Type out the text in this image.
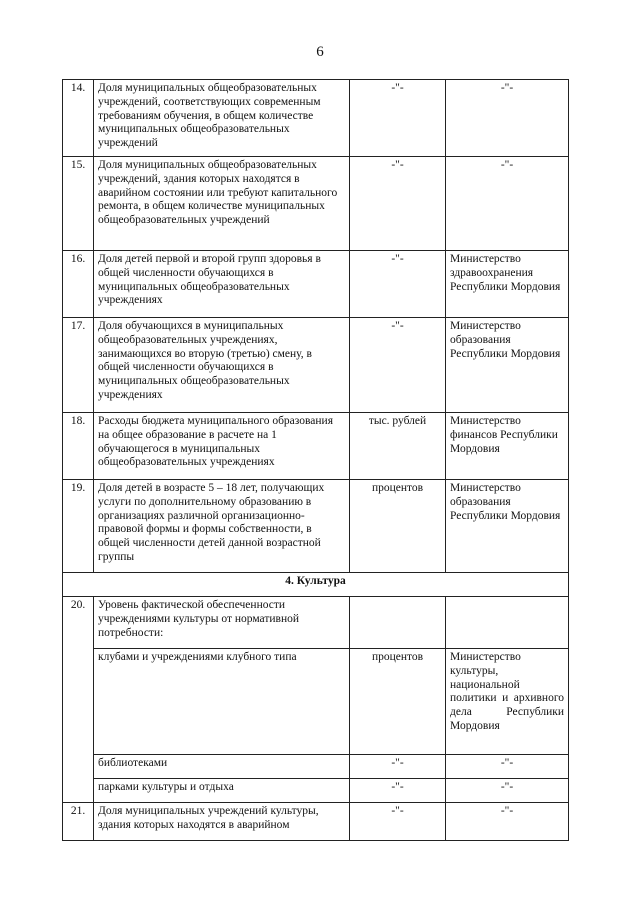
6
14.	Доля муниципальных общеобразовательных учреждений, соответствующих современным требованиям обучения, в общем количестве муниципальных общеобразовательных учреждений	-"-	-"-
15.	Доля муниципальных общеобразовательных учреждений, здания которых находятся в аварийном состоянии или требуют капитального ремонта, в общем количестве муниципальных общеобразовательных учреждений	-"-	-"-
16.	Доля детей первой и второй групп здоровья в общей численности обучающихся в муниципальных общеобразовательных учреждениях	-"-	Министерство здравоохранения Республики Мордовия
17.	Доля обучающихся в муниципальных общеобразовательных учреждениях, занимающихся во вторую (третью) смену, в общей численности обучающихся в муниципальных общеобразовательных учреждениях	-"-	Министерство образования Республики Мордовия
18.	Расходы бюджета муниципального образования на общее образование в расчете на 1 обучающегося в муниципальных общеобразовательных учреждениях	тыс. рублей	Министерство финансов Республики Мордовия
19.	Доля детей в возрасте 5 – 18 лет, получающих услуги по дополнительному образованию в организациях различной организационно-правовой формы и формы собственности, в общей численности детей данной возрастной группы	процентов	Министерство образования Республики Мордовия
4. Культура			
20.	Уровень фактической обеспеченности учреждениями культуры от нормативной потребности:		
	клубами и учреждениями клубного типа	процентов	Министерство культуры, национальной политики и архивного дела Республики Мордовия
	библиотеками	-"-	-"-
	парками культуры и отдыха	-"-	-"-
21.	Доля муниципальных учреждений культуры, здания которых находятся в аварийном	-"-	-"-
